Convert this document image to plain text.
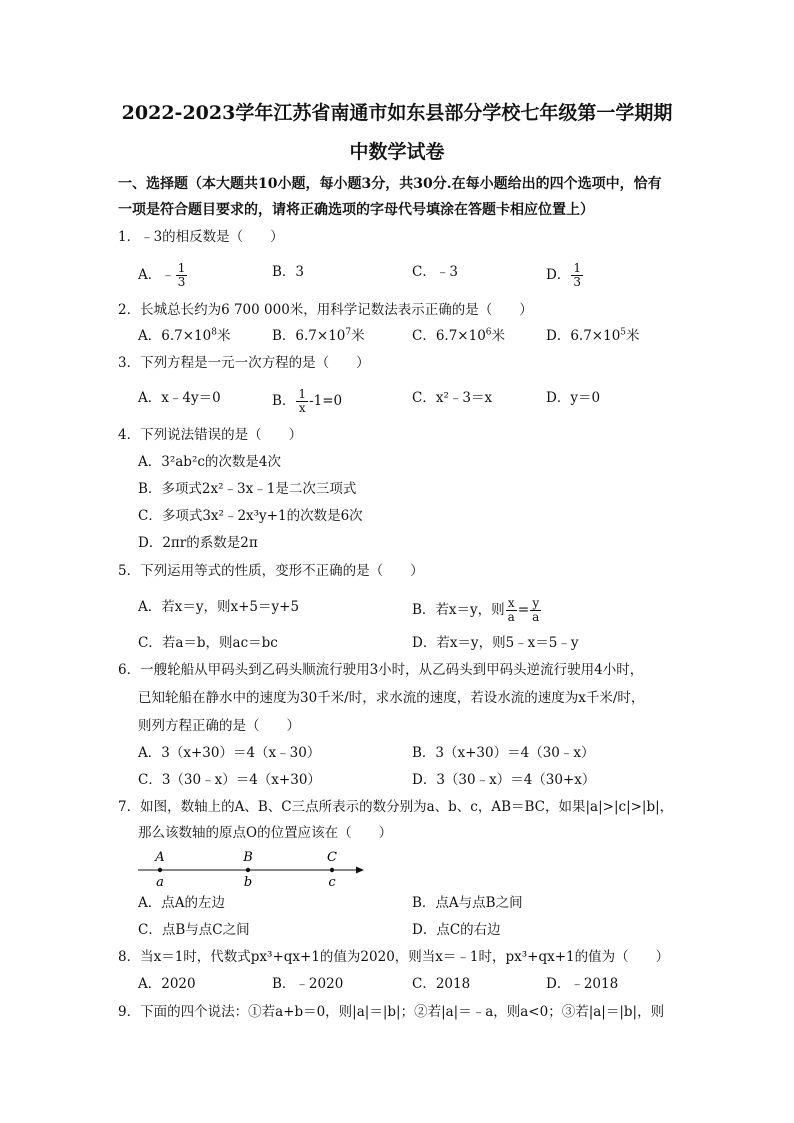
2022-2023学年江苏省南通市如东县部分学校七年级第一学期期
中数学试卷
一、选择题（本大题共10小题，每小题3分，共30分.在每小题给出的四个选项中，恰有
一项是符合题目要求的，请将正确选项的字母代号填涂在答题卡相应位置上）
1．﹣3的相反数是（　　）
A．﹣ $\frac{1}{3}$	B．3	C．﹣3	D． $\frac{1}{3}$
2．长城总长约为6 700 000米，用科学记数法表示正确的是（　　）
A．$6.7\times 10^8$米	B．$6.7\times 10^7$米	C．$6.7\times 10^6$米	D．$6.7\times 10^5$米
3．下列方程是一元一次方程的是（　　）
A．x﹣4y＝0	B． $\frac{1}{x} -1=0$	C．x²﹣3＝x	D．y＝0
4．下列说法错误的是（　　）
A．3²ab²c的次数是4次
B．多项式2x²﹣3x﹣1是二次三项式
C．多项式3x²﹣2x³y+1的次数是6次
D．2πr的系数是2π
5．下列运用等式的性质，变形不正确的是（　　）
A．若x＝y，则x+5＝y+5	B．若x＝y，则 $\frac{x}{a} = \frac{y}{a}$
C．若a＝b，则ac＝bc	D．若x＝y，则5﹣x＝5﹣y
6．一艘轮船从甲码头到乙码头顺流行驶用3小时，从乙码头到甲码头逆流行驶用4小时，
已知轮船在静水中的速度为30千米/时，求水流的速度，若设水流的速度为x千米/时，
则列方程正确的是（　　）
A．3（x+30）＝4（x﹣30）	B．3（x+30）＝4（30﹣x）
C．3（30﹣x）＝4（x+30）	D．3（30﹣x）＝4（30+x）
7．如图，数轴上的A、B、C三点所表示的数分别为a、b、c，AB＝BC，如果|a|>|c|>|b|，
那么该数轴的原点O的位置应该在（　　）
A	B	C
a	b	c
A．点A的左边	B．点A与点B之间
C．点B与点C之间	D．点C的右边
8．当x＝1时，代数式px³+qx+1的值为2020，则当x＝﹣1时，px³+qx+1的值为（　　）
A．2020	B．﹣2020	C．2018	D．﹣2018
9．下面的四个说法：①若a+b＝0，则|a|＝|b|；②若|a|＝﹣a，则a<0；③若|a|＝|b|，则
